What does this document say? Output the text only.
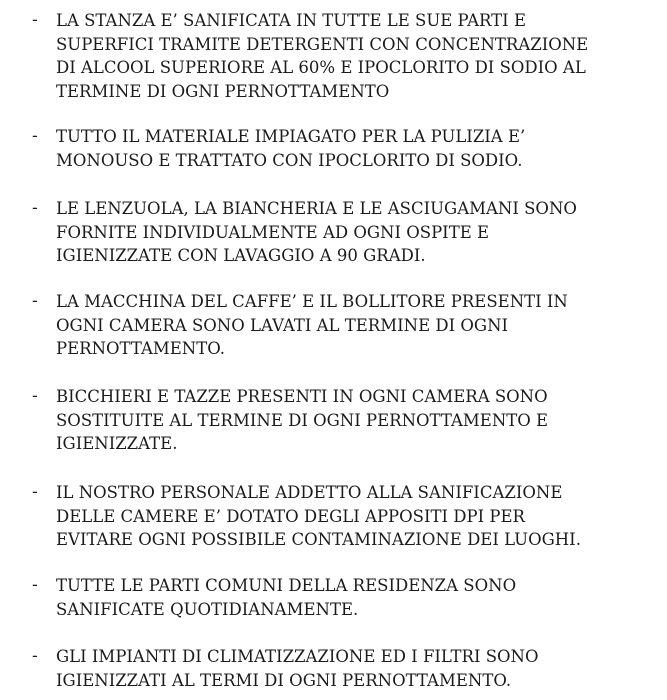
- LA STANZA E’ SANIFICATA IN TUTTE LE SUE PARTI E
SUPERFICI TRAMITE DETERGENTI CON CONCENTRAZIONE
DI ALCOOL SUPERIORE AL 60% E IPOCLORITO DI SODIO AL
TERMINE DI OGNI PERNOTTAMENTO
- TUTTO IL MATERIALE IMPIAGATO PER LA PULIZIA E’
MONOUSO E TRATTATO CON IPOCLORITO DI SODIO.
- LE LENZUOLA, LA BIANCHERIA E LE ASCIUGAMANI SONO
FORNITE INDIVIDUALMENTE AD OGNI OSPITE E
IGIENIZZATE CON LAVAGGIO A 90 GRADI.
- LA MACCHINA DEL CAFFE’ E IL BOLLITORE PRESENTI IN
OGNI CAMERA SONO LAVATI AL TERMINE DI OGNI
PERNOTTAMENTO.
- BICCHIERI E TAZZE PRESENTI IN OGNI CAMERA SONO
SOSTITUITE AL TERMINE DI OGNI PERNOTTAMENTO E
IGIENIZZATE.
- IL NOSTRO PERSONALE ADDETTO ALLA SANIFICAZIONE
DELLE CAMERE E’ DOTATO DEGLI APPOSITI DPI PER
EVITARE OGNI POSSIBILE CONTAMINAZIONE DEI LUOGHI.
- TUTTE LE PARTI COMUNI DELLA RESIDENZA SONO
SANIFICATE QUOTIDIANAMENTE.
- GLI IMPIANTI DI CLIMATIZZAZIONE ED I FILTRI SONO
IGIENIZZATI AL TERMI DI OGNI PERNOTTAMENTO.
